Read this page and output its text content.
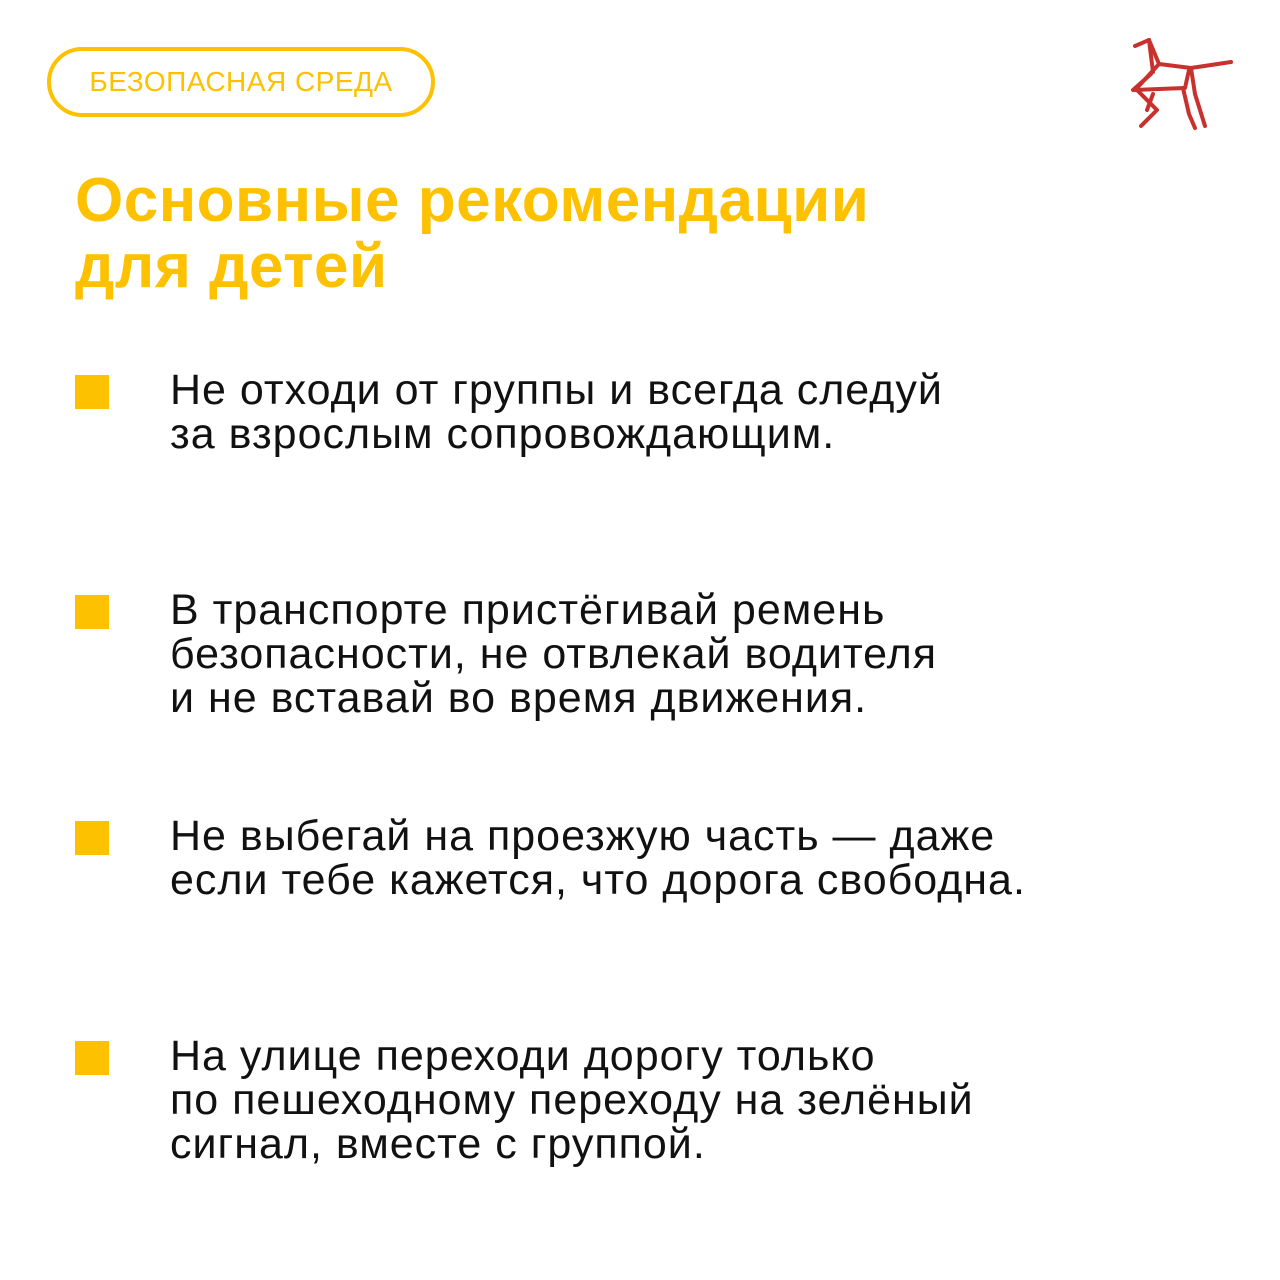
БЕЗОПАСНАЯ СРЕДА
Основные рекомендации
для детей
Не отходи от группы и всегда следуй
за взрослым сопровождающим.
В транспорте пристёгивай ремень
безопасности, не отвлекай водителя
и не вставай во время движения.
Не выбегай на проезжую часть — даже
если тебе кажется, что дорога свободна.
На улице переходи дорогу только
по пешеходному переходу на зелёный
сигнал, вместе с группой.
